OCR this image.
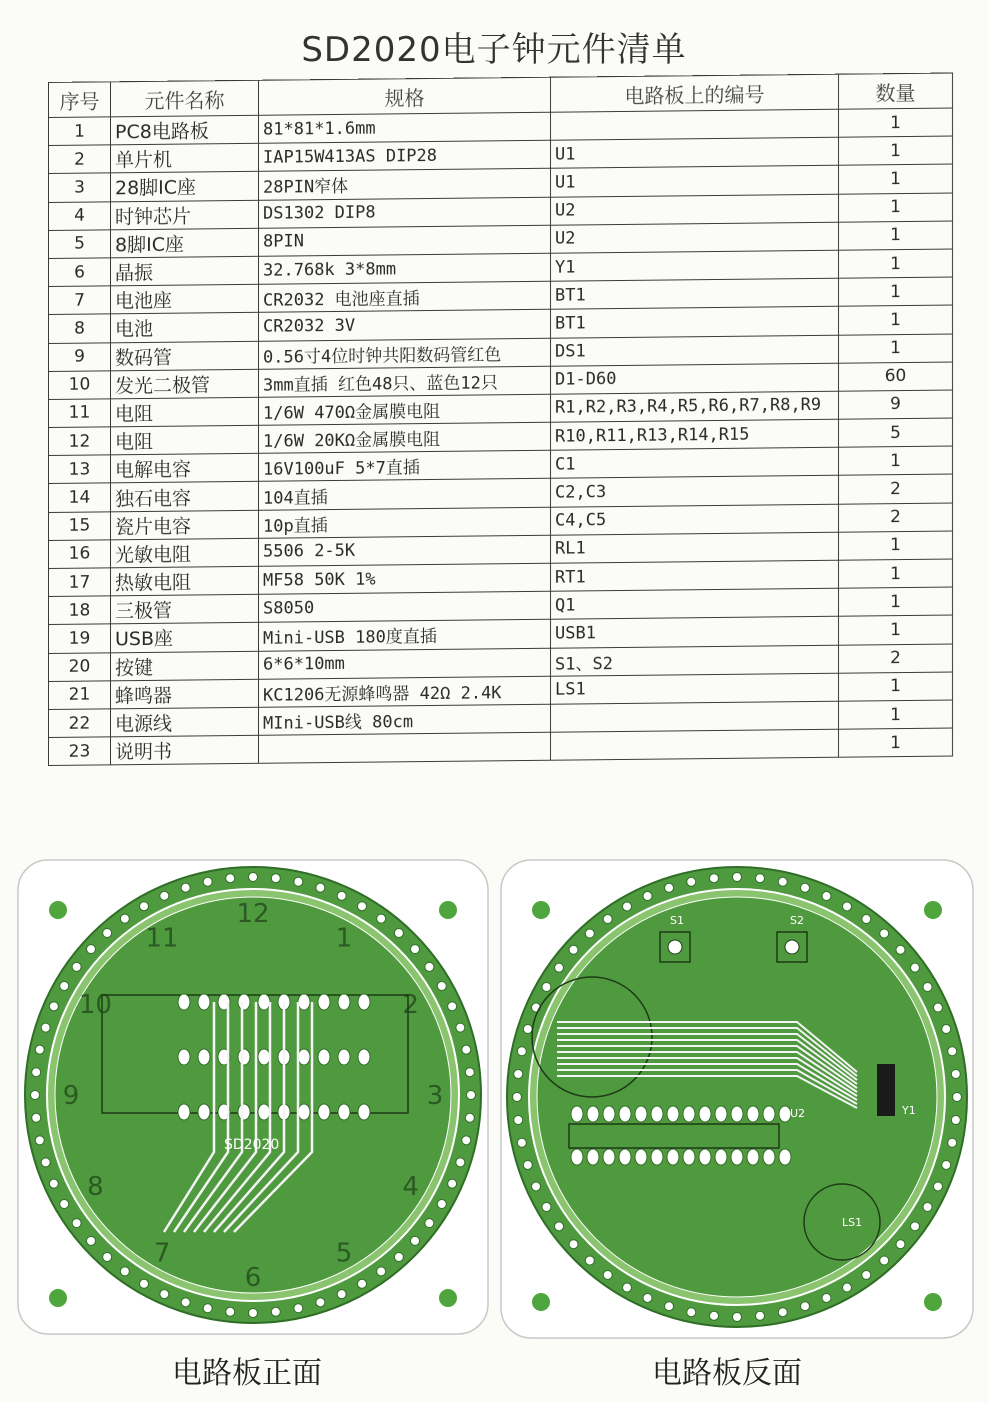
SD2020电子钟元件清单
序号	元件名称	规格	电路板上的编号	数量
1	PC8电路板	81*81*1.6mm		1
2	单片机	IAP15W413AS DIP28	U1	1
3	28脚IC座	28PIN窄体	U1	1
4	时钟芯片	DS1302 DIP8	U2	1
5	8脚IC座	8PIN	U2	1
6	晶振	32.768k 3*8mm	Y1	1
7	电池座	CR2032 电池座直插	BT1	1
8	电池	CR2032 3V	BT1	1
9	数码管	0.56寸4位时钟共阳数码管红色	DS1	1
10	发光二极管	3mm直插 红色48只、蓝色12只	D1-D60	60
11	电阻	1/6W 470Ω金属膜电阻	R1,R2,R3,R4,R5,R6,R7,R8,R9	9
12	电阻	1/6W 20KΩ金属膜电阻	R10,R11,R13,R14,R15	5
13	电解电容	16V100uF 5*7直插	C1	1
14	独石电容	104直插	C2,C3	2
15	瓷片电容	10p直插	C4,C5	2
16	光敏电阻	5506 2-5K	RL1	1
17	热敏电阻	MF58 50K 1%	RT1	1
18	三极管	S8050	Q1	1
19	USB座	Mini-USB 180度直插	USB1	1
20	按键	6*6*10mm	S1、S2	2
21	蜂鸣器	KC1206无源蜂鸣器 42Ω 2.4K	LS1	1
22	电源线	MIni-USB线 80cm		1
23	说明书			1
12
1
2
3
4
5
6
7
8
9
10
11
SD2020
S1	S2
U2	Y1
LS1
V1.01
电路板正面	电路板反面
